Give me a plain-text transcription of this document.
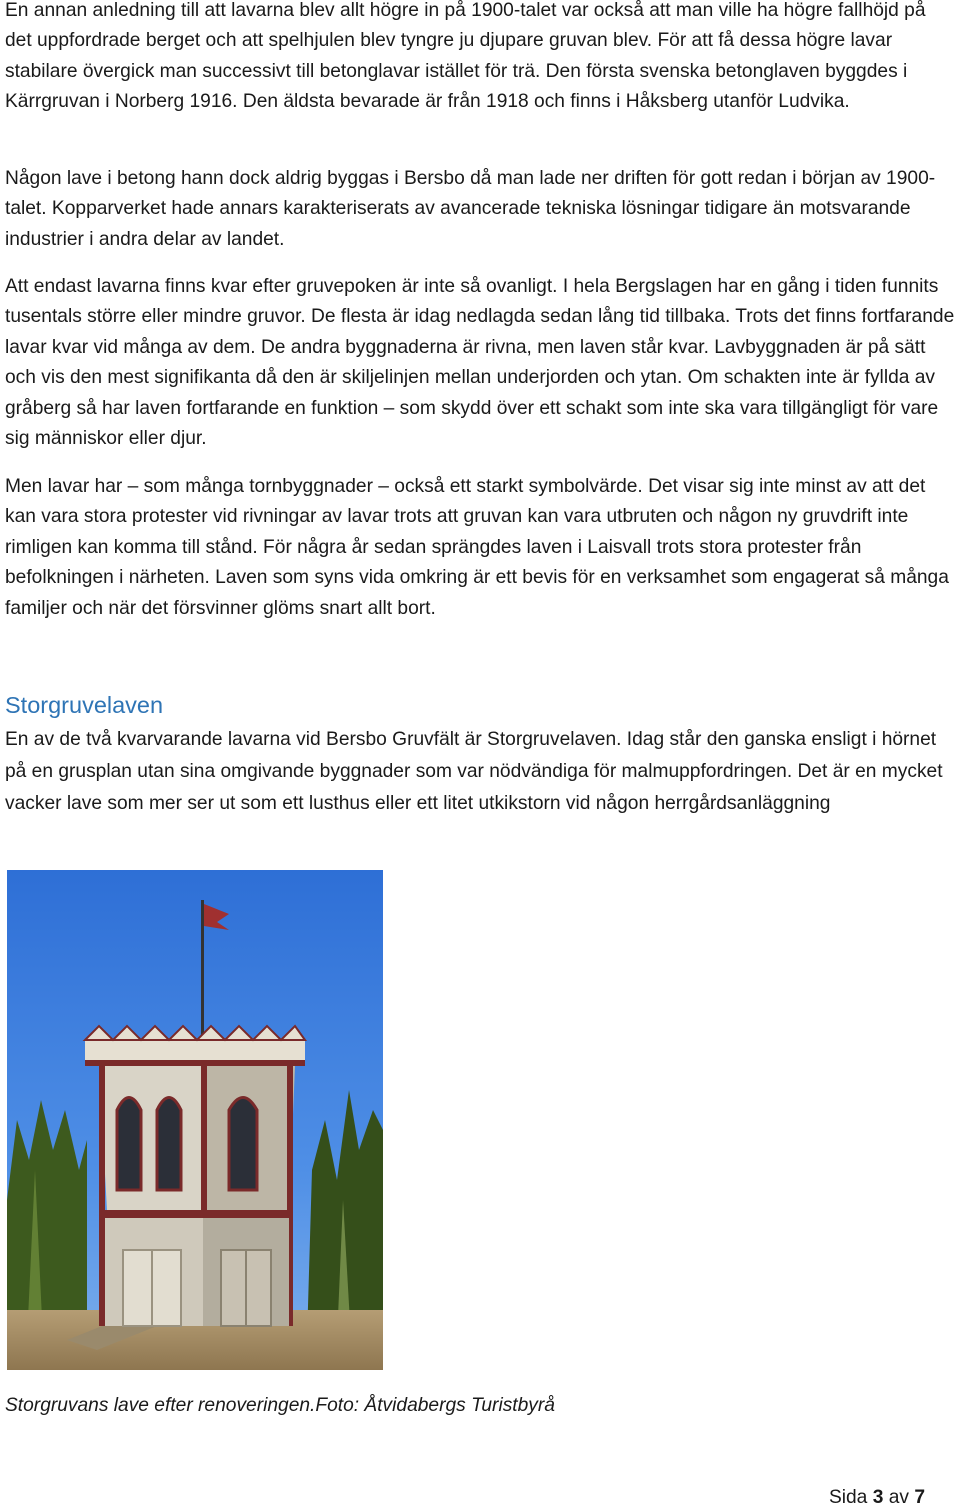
En annan anledning till att lavarna blev allt högre in på 1900-talet var också att man ville ha högre fallhöjd på det uppfordrade berget och att spelhjulen blev tyngre ju djupare gruvan blev. För att få dessa högre lavar stabilare övergick man successivt till betonglavar istället för trä. Den första svenska betonglaven byggdes i Kärrgruvan i Norberg 1916. Den äldsta bevarade är från 1918 och finns i Håksberg utanför Ludvika.

Någon lave i betong hann dock aldrig byggas i Bersbo då man lade ner driften för gott redan i början av 1900-talet. Kopparverket hade annars karakteriserats av avancerade tekniska lösningar tidigare än motsvarande industrier i andra delar av landet.

Att endast lavarna finns kvar efter gruvepoken är inte så ovanligt. I hela Bergslagen har en gång i tiden funnits tusentals större eller mindre gruvor. De flesta är idag nedlagda sedan lång tid tillbaka. Trots det finns fortfarande lavar kvar vid många av dem. De andra byggnaderna är rivna, men laven står kvar. Lavbyggnaden är på sätt och vis den mest signifikanta då den är skiljelinjen mellan underjorden och ytan. Om schakten inte är fyllda av gråberg så har laven fortfarande en funktion – som skydd över ett schakt som inte ska vara tillgängligt för vare sig människor eller djur.

Men lavar har – som många tornbyggnader – också ett starkt symbolvärde. Det visar sig inte minst av att det kan vara stora protester vid rivningar av lavar trots att gruvan kan vara utbruten och någon ny gruvdrift inte rimligen kan komma till stånd. För några år sedan sprängdes laven i Laisvall trots stora protester från befolkningen i närheten. Laven som syns vida omkring är ett bevis för en verksamhet som engagerat så många familjer och när det försvinner glöms snart allt bort.

Storgruvelaven

En av de två kvarvarande lavarna vid Bersbo Gruvfält är Storgruvelaven. Idag står den ganska ensligt i hörnet på en grusplan utan sina omgivande byggnader som var nödvändiga för malmuppfordringen. Det är en mycket vacker lave som mer ser ut som ett lusthus eller ett litet utkikstorn vid någon herrgårdsanläggning

Storgruvans lave efter renoveringen.Foto: Åtvidabergs Turistbyrå
Sida 3 av 7
